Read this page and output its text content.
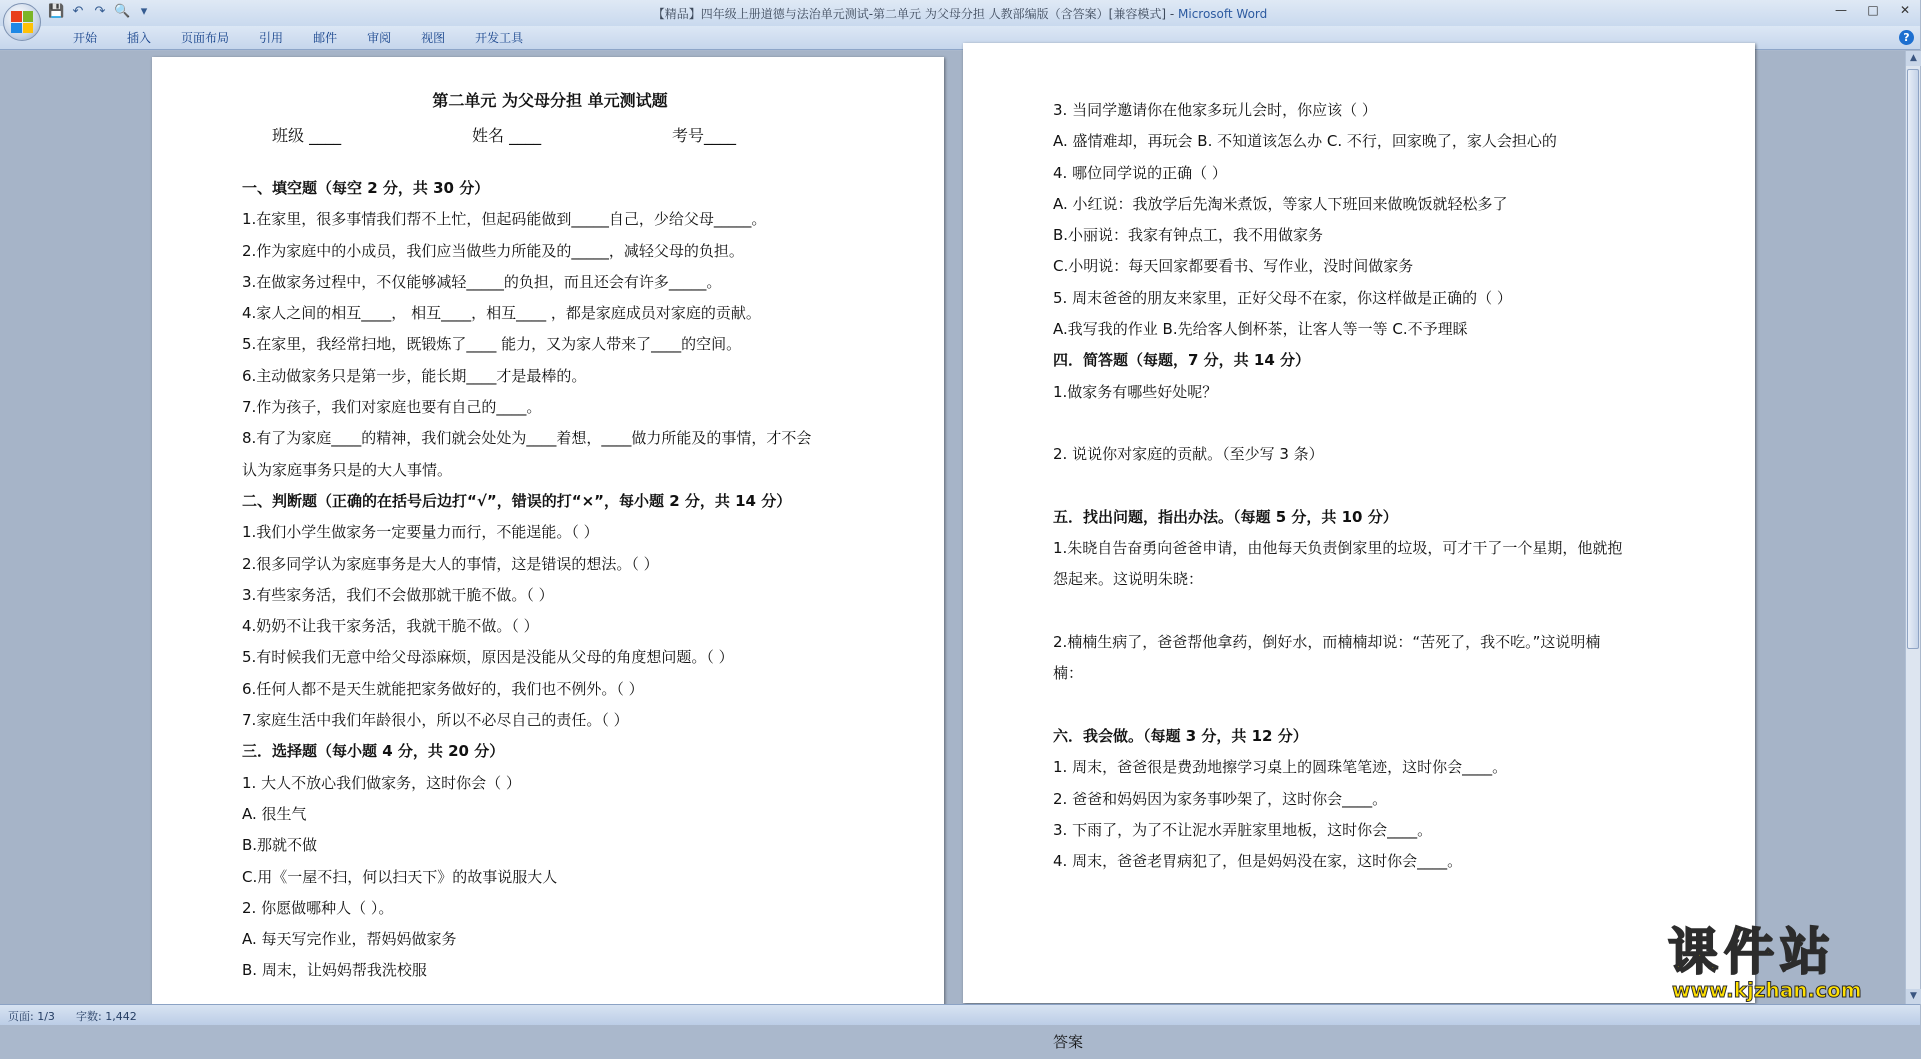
💾 ↶ ↷ 🔍 ▾	【精品】四年级上册道德与法治单元测试-第二单元 为父母分担 人教部编版（含答案）[兼容模式] - Microsoft Word	— □	✕
开始	插入	页面布局	引用	邮件	审阅	视图	开发工具	?
第二单元 为父母分担 单元测试题
班级 ____	姓名 ____	考号____
一、填空题（每空 2 分，共 30 分）
1.在家里，很多事情我们帮不上忙，但起码能做到_____自己，少给父母_____。
2.作为家庭中的小成员，我们应当做些力所能及的_____，减轻父母的负担。
3.在做家务过程中，不仅能够减轻_____的负担，而且还会有许多_____。
4.家人之间的相互____， 相互____，相互____ ，都是家庭成员对家庭的贡献。
5.在家里，我经常扫地，既锻炼了____ 能力，又为家人带来了____的空间。
6.主动做家务只是第一步，能长期____才是最棒的。
7.作为孩子，我们对家庭也要有自己的____。
8.有了为家庭____的精神，我们就会处处为____着想，____做力所能及的事情，才不会
认为家庭事务只是的大人事情。
二、判断题（正确的在括号后边打“√”，错误的打“×”，每小题 2 分，共 14 分）
1.我们小学生做家务一定要量力而行，不能逞能。（ ）
2.很多同学认为家庭事务是大人的事情，这是错误的想法。（ ）
3.有些家务活，我们不会做那就干脆不做。（ ）
4.奶奶不让我干家务活，我就干脆不做。（ ）
5.有时候我们无意中给父母添麻烦，原因是没能从父母的角度想问题。（ ）
6.任何人都不是天生就能把家务做好的，我们也不例外。（ ）
7.家庭生活中我们年龄很小，所以不必尽自己的责任。（ ）
三．选择题（每小题 4 分，共 20 分）
1. 大人不放心我们做家务，这时你会（ ）
A. 很生气
B.那就不做
C.用《一屋不扫，何以扫天下》的故事说服大人
2. 你愿做哪种人（ ）。
A. 每天写完作业，帮妈妈做家务
B. 周末，让妈妈帮我洗校服
3. 当同学邀请你在他家多玩儿会时，你应该（ ）
A. 盛情难却，再玩会 B. 不知道该怎么办 C. 不行，回家晚了，家人会担心的
4. 哪位同学说的正确（ ）
A. 小红说：我放学后先淘米煮饭，等家人下班回来做晚饭就轻松多了
B.小丽说：我家有钟点工，我不用做家务
C.小明说：每天回家都要看书、写作业，没时间做家务
5. 周末爸爸的朋友来家里，正好父母不在家，你这样做是正确的（ ）
A.我写我的作业 B.先给客人倒杯茶，让客人等一等 C.不予理睬
四．简答题（每题，7 分，共 14 分）
1.做家务有哪些好处呢？
2. 说说你对家庭的贡献。（至少写 3 条）
五．找出问题，指出办法。（每题 5 分，共 10 分）
1.朱晓自告奋勇向爸爸申请，由他每天负责倒家里的垃圾，可才干了一个星期，他就抱
怨起来。这说明朱晓：
2.楠楠生病了，爸爸帮他拿药，倒好水，而楠楠却说：“苦死了，我不吃。”这说明楠
楠：
六．我会做。（每题 3 分，共 12 分）
1. 周末，爸爸很是费劲地擦学习桌上的圆珠笔笔迹，这时你会____。
2. 爸爸和妈妈因为家务事吵架了，这时你会____。
3. 下雨了，为了不让泥水弄脏家里地板，这时你会____。
4. 周末，爸爸老胃病犯了，但是妈妈没在家，这时你会____。
答案
▲
▼
页面: 1/3 字数: 1,442
课件站
www.kjzhan.com
